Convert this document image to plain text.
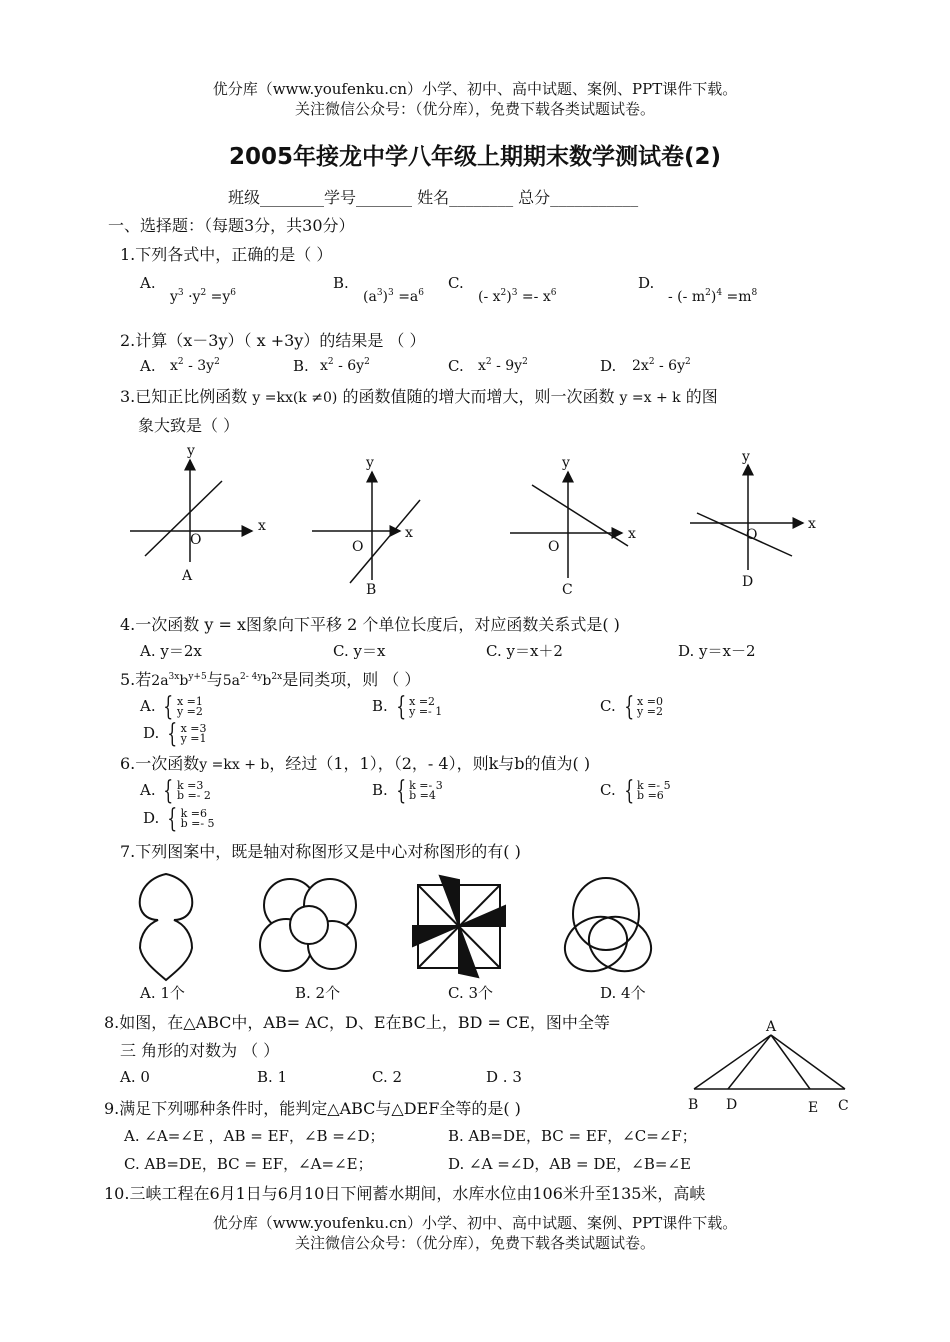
优分库（www.youfenku.cn）小学、初中、高中试题、案例、PPT课件下载。
关注微信公众号：（优分库），免费下载各类试题试卷。
2005年接龙中学八年级上期期末数学测试卷(2)
班级________学号_______ 姓名________ 总分___________
一、选择题：（每题3分，共30分）
1.下列各式中，正确的是（ ）
A.
$y^3 \cdot y^2 =y^6$
B.
$(a^3)^3 =a^6$
C.
(- $x^2)^3 =- x^6$
D.
- (- $m^2)^4 =m^8$
2.计算（x－3y）（ x +3y）的结果是 （ ）
A. $x^2 - 3y^2$	B. $x^2 - 6y^2$	C. $x^2 - 9y^2$	D. $2x^2 - 6y^2$
3.已知正比例函数 y =kx(k ≠0) 的函数值随的增大而增大，则一次函数 y =x + k 的图
象大致是（ ）
y
x
O
A
y
x
O
B
y
x
O
C
y
x
O
D
4.一次函数 y = x图象向下平移 2 个单位长度后，对应函数关系式是( )
A. y＝2x	C. y＝x	C. y＝x＋2	D. y＝x－2
5.若$2a^{3x}b^{y+5}$与$5a^{2- 4y}b^{2x}$是同类项，则 （ ）
A. { x =1
y =2	B. { x =2
y =- 1	C. { x =0
y =2
D. { x =3
y =1
6.一次函数y =kx + b，经过（1，1），（2，- 4），则k与b的值为( )
A. { k =3
b =- 2	B. { k =- 3
b =4	C. { k =- 5
b =6
D. { k =6
b =- 5
7.下列图案中，既是轴对称图形又是中心对称图形的有( )
A. 1个	B. 2个	C. 3个	D. 4个
8.如图，在△ABC中，AB= AC，D、E在BC上，BD = CE，图中全等
三 角形的对数为 （ ）
A. 0	B. 1	C. 2	D . 3
A
B D	E C
9.满足下列哪种条件时，能判定△ABC与△DEF全等的是( )
A. ∠A=∠E ，AB = EF，∠B =∠D；	B. AB=DE，BC = EF，∠C=∠F；
C. AB=DE，BC = EF，∠A=∠E；	D. ∠A =∠D，AB = DE，∠B=∠E
10.三峡工程在6月1日与6月10日下闸蓄水期间，水库水位由106米升至135米，高峡
优分库（www.youfenku.cn）小学、初中、高中试题、案例、PPT课件下载。
关注微信公众号：（优分库），免费下载各类试题试卷。
